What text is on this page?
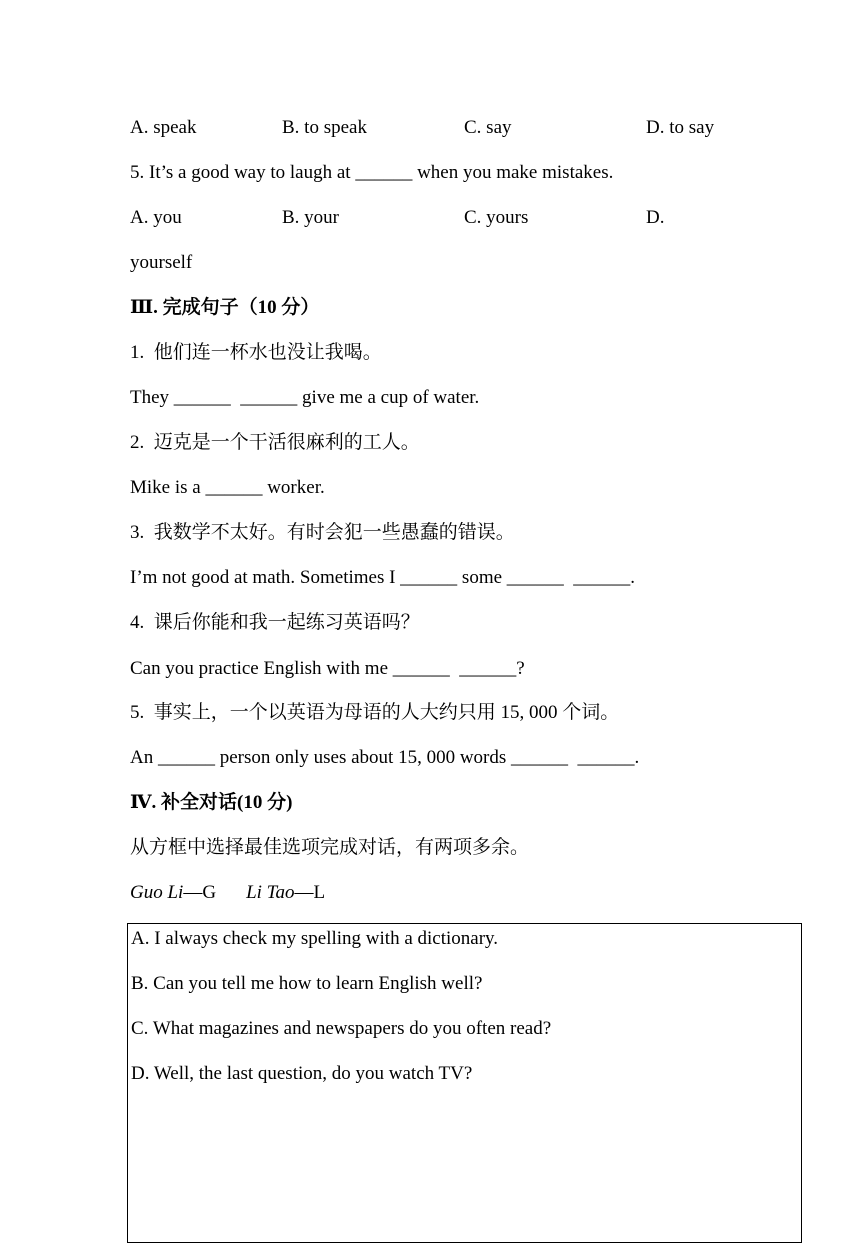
A. speak	B. to speak	C. say	D. to say
5. It’s a good way to laugh at ______ when you make mistakes.
A. you	B. your	C. yours	D.
yourself
Ⅲ. 完成句子（10 分）
1.  他们连一杯水也没让我喝。
They ______  ______ give me a cup of water.
2.  迈克是一个干活很麻利的工人。
Mike is a ______ worker.
3.  我数学不太好。有时会犯一些愚蠢的错误。
I’m not good at math. Sometimes I ______ some ______  ______.
4.  课后你能和我一起练习英语吗？
Can you practice English with me ______  ______?
5.  事实上，一个以英语为母语的人大约只用 15, 000 个词。
An ______ person only uses about 15, 000 words ______  ______.
Ⅳ. 补全对话(10 分)
从方框中选择最佳选项完成对话，有两项多余。
Guo Li—G Li Tao—L
A. I always check my spelling with a dictionary.
B. Can you tell me how to learn English well?
C. What magazines and newspapers do you often read?
D. Well, the last question, do you watch TV?
